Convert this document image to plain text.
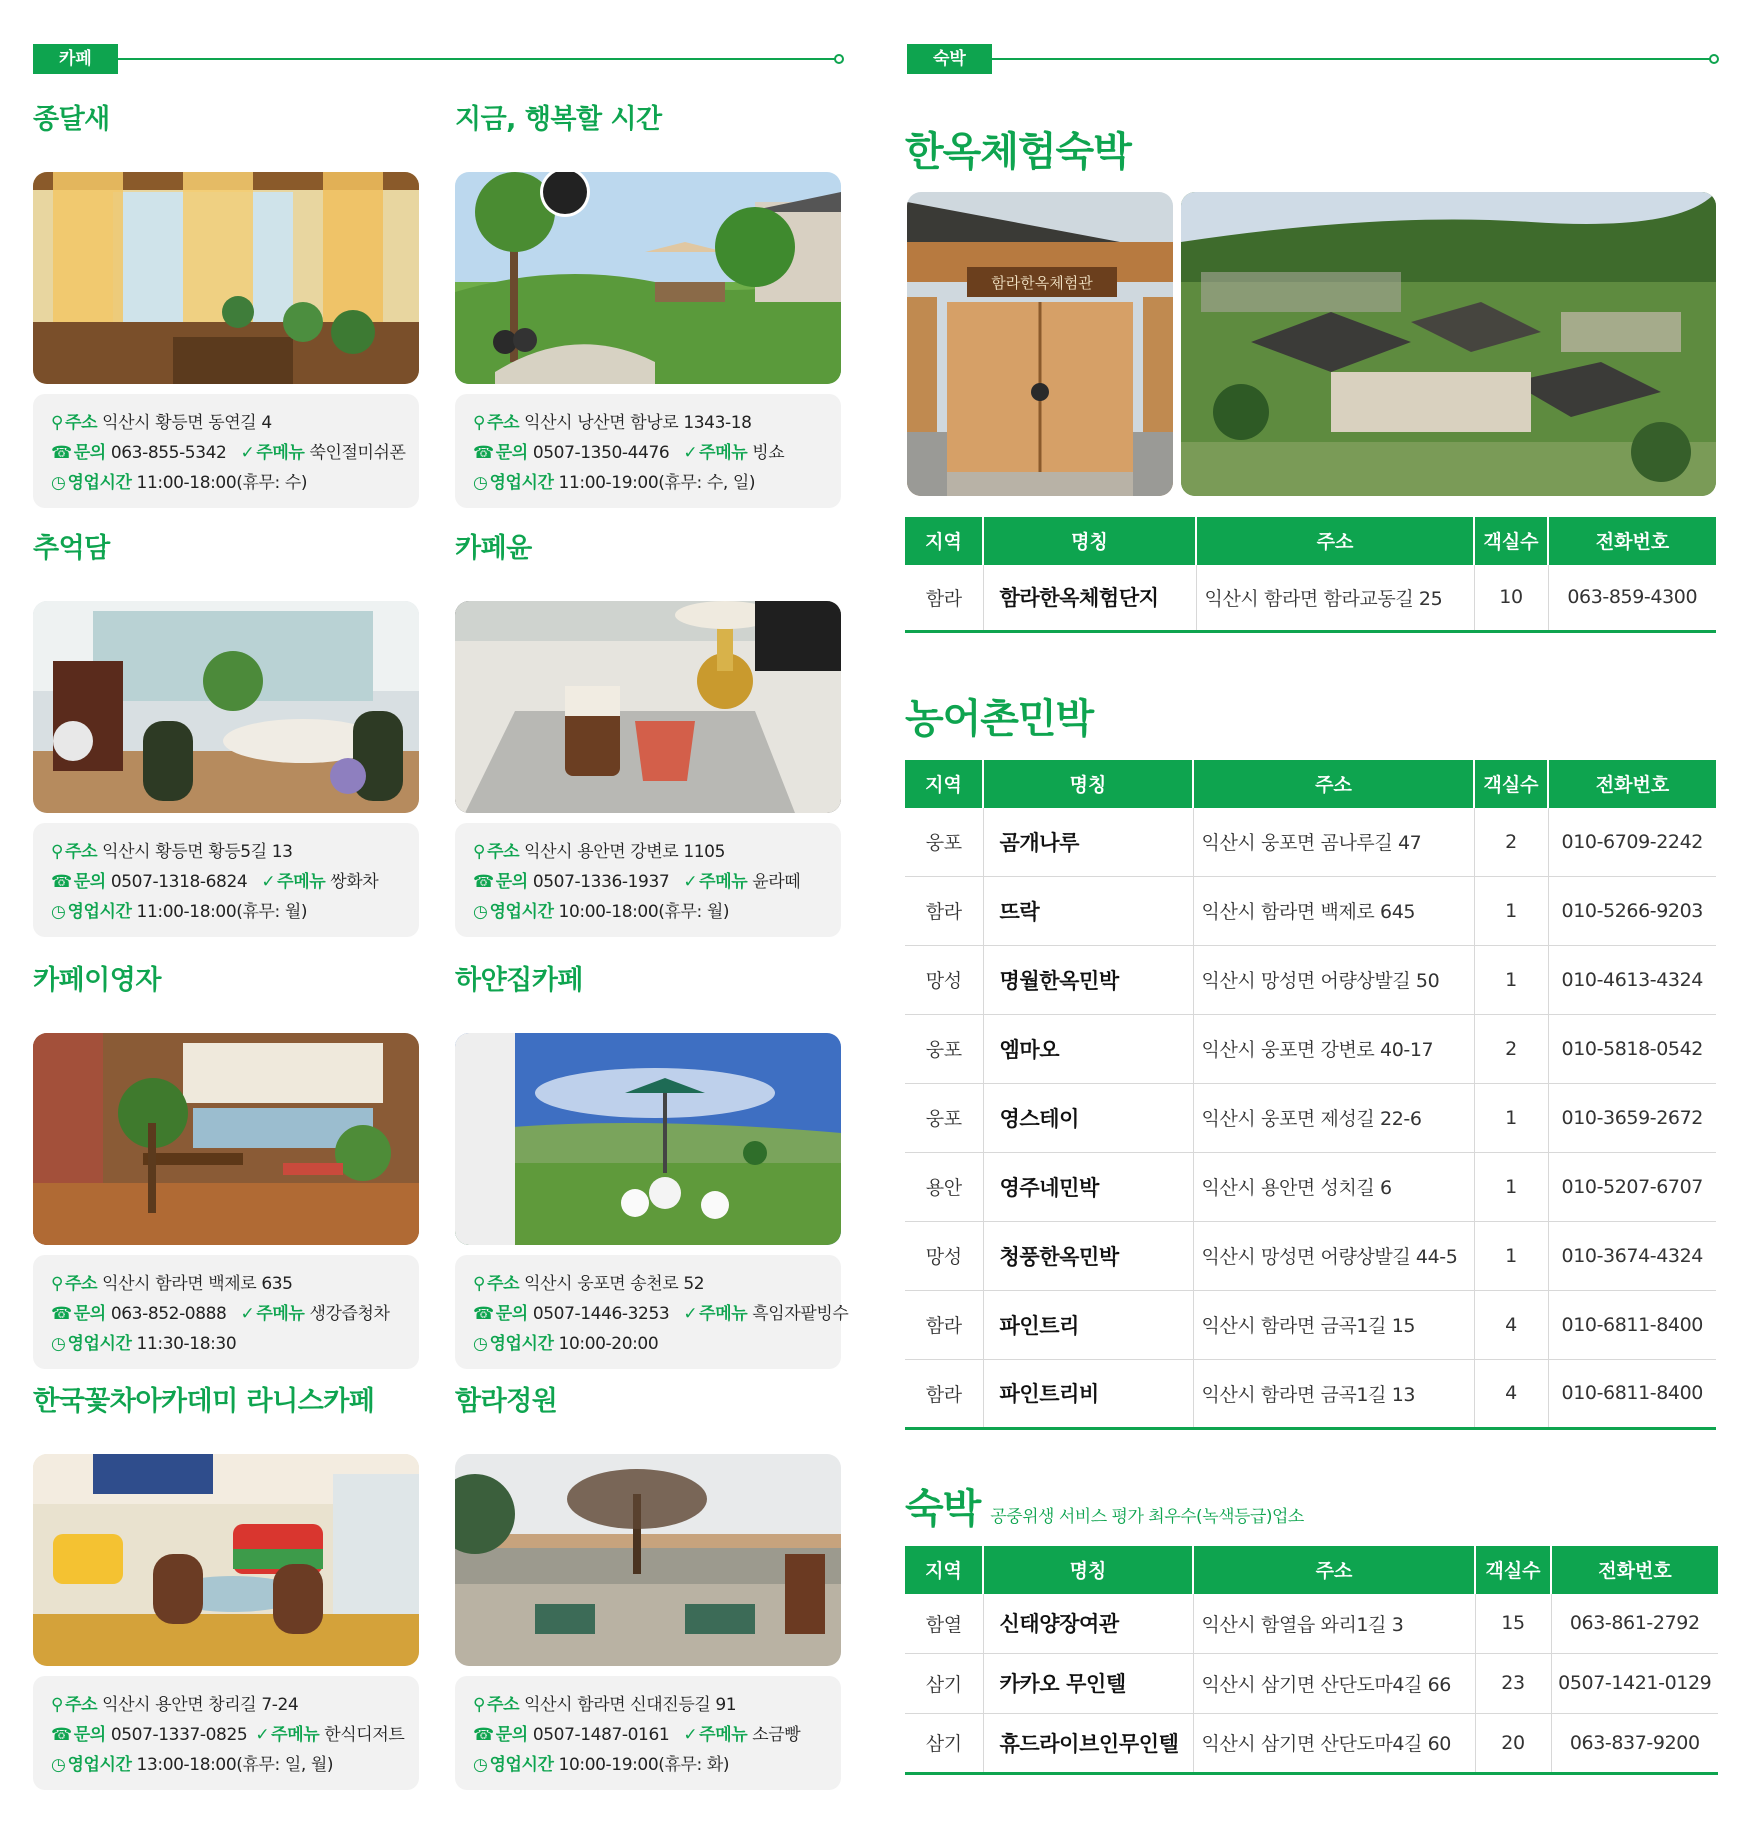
카페
종달새
⚲ 주소 익산시 황등면 동연길 4
☎ 문의 063-855-5342 ✓ 주메뉴 쑥인절미쉬폰
◷ 영업시간 11:00-18:00(휴무: 수)
지금, 행복할 시간
⚲ 주소 익산시 낭산면 함낭로 1343-18
☎ 문의 0507-1350-4476 ✓ 주메뉴 빙쇼
◷ 영업시간 11:00-19:00(휴무: 수, 일)
추억담
⚲ 주소 익산시 황등면 황등5길 13
☎ 문의 0507-1318-6824 ✓ 주메뉴 쌍화차
◷ 영업시간 11:00-18:00(휴무: 월)
카페윤
⚲ 주소 익산시 용안면 강변로 1105
☎ 문의 0507-1336-1937 ✓ 주메뉴 윤라떼
◷ 영업시간 10:00-18:00(휴무: 월)
카페이영자
⚲ 주소 익산시 함라면 백제로 635
☎ 문의 063-852-0888 ✓ 주메뉴 생강즙청차
◷ 영업시간 11:30-18:30
하얀집카페
⚲ 주소 익산시 웅포면 송천로 52
☎ 문의 0507-1446-3253 ✓ 주메뉴 흑임자팥빙수
◷ 영업시간 10:00-20:00
한국꽃차아카데미 라니스카페
⚲ 주소 익산시 용안면 창리길 7-24
☎ 문의 0507-1337-0825 ✓ 주메뉴 한식디저트
◷ 영업시간 13:00-18:00(휴무: 일, 월)
함라정원
⚲ 주소 익산시 함라면 신대진등길 91
☎ 문의 0507-1487-0161 ✓ 주메뉴 소금빵
◷ 영업시간 10:00-19:00(휴무: 화)
숙박
한옥체험숙박
함라한옥체험관
지역	명칭	주소	객실수	전화번호
함라	함라한옥체험단지	익산시 함라면 함라교동길 25	10	063-859-4300
농어촌민박
지역	명칭	주소	객실수	전화번호
웅포	곰개나루	익산시 웅포면 곰나루길 47	2	010-6709-2242
함라	뜨락	익산시 함라면 백제로 645	1	010-5266-9203
망성	명월한옥민박	익산시 망성면 어량상발길 50	1	010-4613-4324
웅포	엠마오	익산시 웅포면 강변로 40-17	2	010-5818-0542
웅포	영스테이	익산시 웅포면 제성길 22-6	1	010-3659-2672
용안	영주네민박	익산시 용안면 성치길 6	1	010-5207-6707
망성	청풍한옥민박	익산시 망성면 어량상발길 44-5	1	010-3674-4324
함라	파인트리	익산시 함라면 금곡1길 15	4	010-6811-8400
함라	파인트리비	익산시 함라면 금곡1길 13	4	010-6811-8400
숙박 공중위생 서비스 평가 최우수(녹색등급)업소
지역	명칭	주소	객실수	전화번호
함열	신태양장여관	익산시 함열읍 와리1길 3	15	063-861-2792
삼기	카카오 무인텔	익산시 삼기면 산단도마4길 66	23	0507-1421-0129
삼기	휴드라이브인무인텔	익산시 삼기면 산단도마4길 60	20	063-837-9200
